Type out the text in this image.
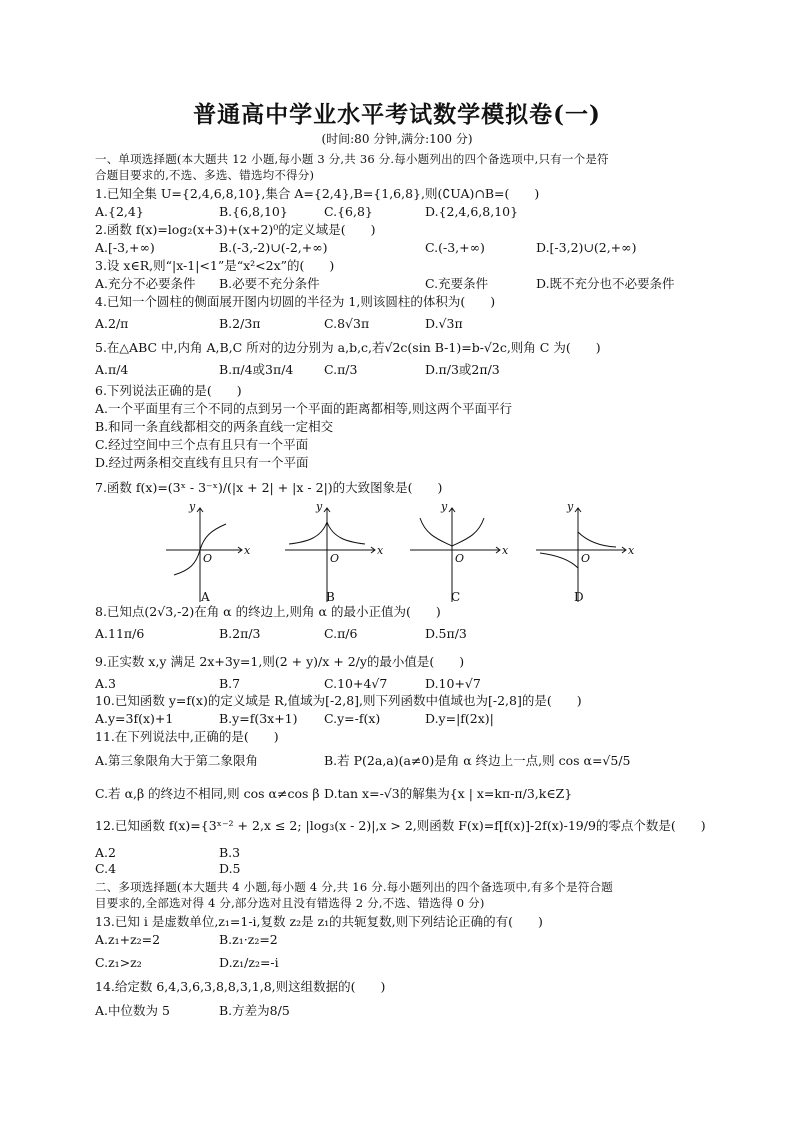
普通高中学业水平考试数学模拟卷(一)
(时间:80 分钟,满分:100 分)
一、单项选择题(本大题共 12 小题,每小题 3 分,共 36 分.每小题列出的四个备选项中,只有一个是符
合题目要求的,不选、多选、错选均不得分)
1.已知全集 U={2,4,6,8,10},集合 A={2,4},B={1,6,8},则(∁UA)∩B=(　　)
A.{2,4}	B.{6,8,10}	C.{6,8}	D.{2,4,6,8,10}
2.函数 f(x)=log₂(x+3)+(x+2)⁰的定义域是(　　)
A.[-3,+∞)	B.(-3,-2)∪(-2,+∞)	C.(-3,+∞)	D.[-3,2)∪(2,+∞)
3.设 x∈R,则“|x-1|<1”是“x²<2x”的(　　)
A.充分不必要条件 B.必要不充分条件	C.充要条件	D.既不充分也不必要条件
4.已知一个圆柱的侧面展开图内切圆的半径为 1,则该圆柱的体积为(　　)
A.2/π	B.2/3π	C.8√3π	D.√3π
5.在△ABC 中,内角 A,B,C 所对的边分别为 a,b,c,若√2c(sin B-1)=b-√2c,则角 C 为(　　)
A.π/4	B.π/4或3π/4 C.π/3	D.π/3或2π/3
6.下列说法正确的是(　　)
A.一个平面里有三个不同的点到另一个平面的距离都相等,则这两个平面平行
B.和同一条直线都相交的两条直线一定相交
C.经过空间中三个点有且只有一个平面
D.经过两条相交直线有且只有一个平面
7.函数 f(x)=(3ˣ - 3⁻ˣ)/(|x + 2| + |x - 2|)的大致图象是(　　)
x
y
O
x
y
O
x
y
O
x
y
O
A	B	C	D
8.已知点(2√3,-2)在角 α 的终边上,则角 α 的最小正值为(　　)
A.11π/6	B.2π/3	C.π/6	D.5π/3
9.正实数 x,y 满足 2x+3y=1,则(2 + y)/x + 2/y的最小值是(　　)
A.3	B.7	C.10+4√7	D.10+√7
10.已知函数 y=f(x)的定义域是 R,值域为[-2,8],则下列函数中值域也为[-2,8]的是(　　)
A.y=3f(x)+1	B.y=f(3x+1) C.y=-f(x)	D.y=|f(2x)|
11.在下列说法中,正确的是(　　)
A.第三象限角大于第二象限角	B.若 P(2a,a)(a≠0)是角 α 终边上一点,则 cos α=√5/5
C.若 α,β 的终边不相同,则 cos α≠cos β D.tan x=-√3的解集为{x | x=kπ-π/3,k∈Z}
12.已知函数 f(x)={3ˣ⁻² + 2,x ≤ 2; |log₃(x - 2)|,x > 2,则函数 F(x)=f[f(x)]-2f(x)-19/9的零点个数是(　　)
A.2	B.3
C.4	D.5
二、多项选择题(本大题共 4 小题,每小题 4 分,共 16 分.每小题列出的四个备选项中,有多个是符合题
目要求的,全部选对得 4 分,部分选对且没有错选得 2 分,不选、错选得 0 分)
13.已知 i 是虚数单位,z₁=1-i,复数 z₂是 z₁的共轭复数,则下列结论正确的有(　　)
A.z₁+z₂=2	B.z₁·z₂=2
C.z₁>z₂	D.z₁/z₂=-i
14.给定数 6,4,3,6,3,8,8,3,1,8,则这组数据的(　　)
A.中位数为 5	B.方差为8/5
